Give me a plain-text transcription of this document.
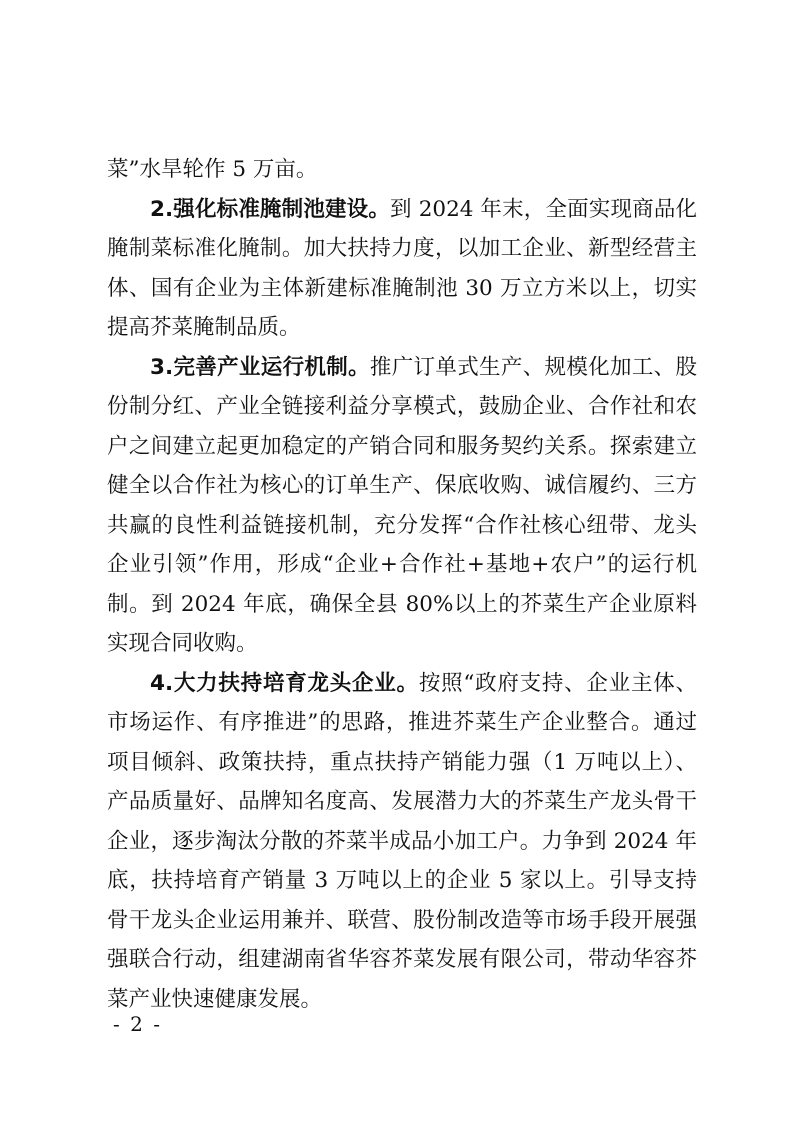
菜”水旱轮作 5 万亩。

2.强化标准腌制池建设。到 2024 年末，全面实现商品化腌制菜标准化腌制。加大扶持力度，以加工企业、新型经营主体、国有企业为主体新建标准腌制池 30 万立方米以上，切实提高芥菜腌制品质。

3.完善产业运行机制。推广订单式生产、规模化加工、股份制分红、产业全链接利益分享模式，鼓励企业、合作社和农户之间建立起更加稳定的产销合同和服务契约关系。探索建立健全以合作社为核心的订单生产、保底收购、诚信履约、三方共赢的良性利益链接机制，充分发挥“合作社核心纽带、龙头企业引领”作用，形成“企业+合作社+基地+农户”的运行机制。到 2024 年底，确保全县 80%以上的芥菜生产企业原料实现合同收购。

4.大力扶持培育龙头企业。按照“政府支持、企业主体、市场运作、有序推进”的思路，推进芥菜生产企业整合。通过项目倾斜、政策扶持，重点扶持产销能力强（1 万吨以上）、产品质量好、品牌知名度高、发展潜力大的芥菜生产龙头骨干企业，逐步淘汰分散的芥菜半成品小加工户。力争到 2024 年底，扶持培育产销量 3 万吨以上的企业 5 家以上。引导支持骨干龙头企业运用兼并、联营、股份制改造等市场手段开展强强联合行动，组建湖南省华容芥菜发展有限公司，带动华容芥菜产业快速健康发展。

- 2 -
